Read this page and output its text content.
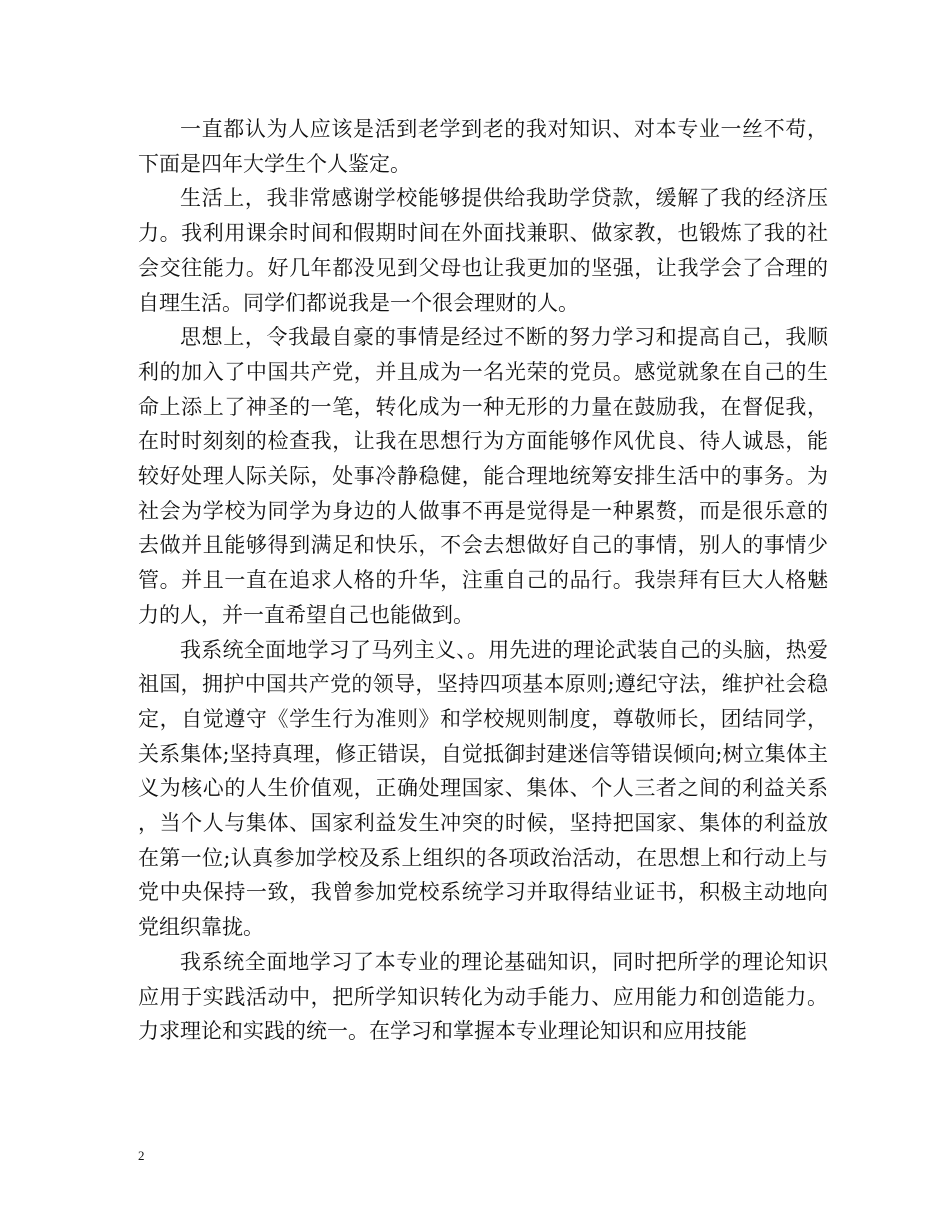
一直都认为人应该是活到老学到老的我对知识、对本专业一丝不苟，下面是四年大学生个人鉴定。

生活上，我非常感谢学校能够提供给我助学贷款，缓解了我的经济压力。我利用课余时间和假期时间在外面找兼职、做家教，也锻炼了我的社会交往能力。好几年都没见到父母也让我更加的坚强，让我学会了合理的自理生活。同学们都说我是一个很会理财的人。

思想上，令我最自豪的事情是经过不断的努力学习和提高自己，我顺利的加入了中国共产党，并且成为一名光荣的党员。感觉就象在自己的生命上添上了神圣的一笔，转化成为一种无形的力量在鼓励我，在督促我，在时时刻刻的检查我，让我在思想行为方面能够作风优良、待人诚恳，能较好处理人际关际，处事冷静稳健，能合理地统筹安排生活中的事务。为社会为学校为同学为身边的人做事不再是觉得是一种累赘，而是很乐意的去做并且能够得到满足和快乐，不会去想做好自己的事情，别人的事情少管。并且一直在追求人格的升华，注重自己的品行。我崇拜有巨大人格魅力的人，并一直希望自己也能做到。

我系统全面地学习了马列主义、。用先进的理论武装自己的头脑，热爱祖国，拥护中国共产党的领导，坚持四项基本原则;遵纪守法，维护社会稳定，自觉遵守《学生行为准则》和学校规则制度，尊敬师长，团结同学，关系集体;坚持真理，修正错误，自觉抵御封建迷信等错误倾向;树立集体主义为核心的人生价值观，正确处理国家、集体、个人三者之间的利益关系，当个人与集体、国家利益发生冲突的时候，坚持把国家、集体的利益放在第一位;认真参加学校及系上组织的各项政治活动，在思想上和行动上与党中央保持一致，我曾参加党校系统学习并取得结业证书，积极主动地向党组织靠拢。

我系统全面地学习了本专业的理论基础知识，同时把所学的理论知识应用于实践活动中，把所学知识转化为动手能力、应用能力和创造能力。力求理论和实践的统一。在学习和掌握本专业理论知识和应用技能

2
